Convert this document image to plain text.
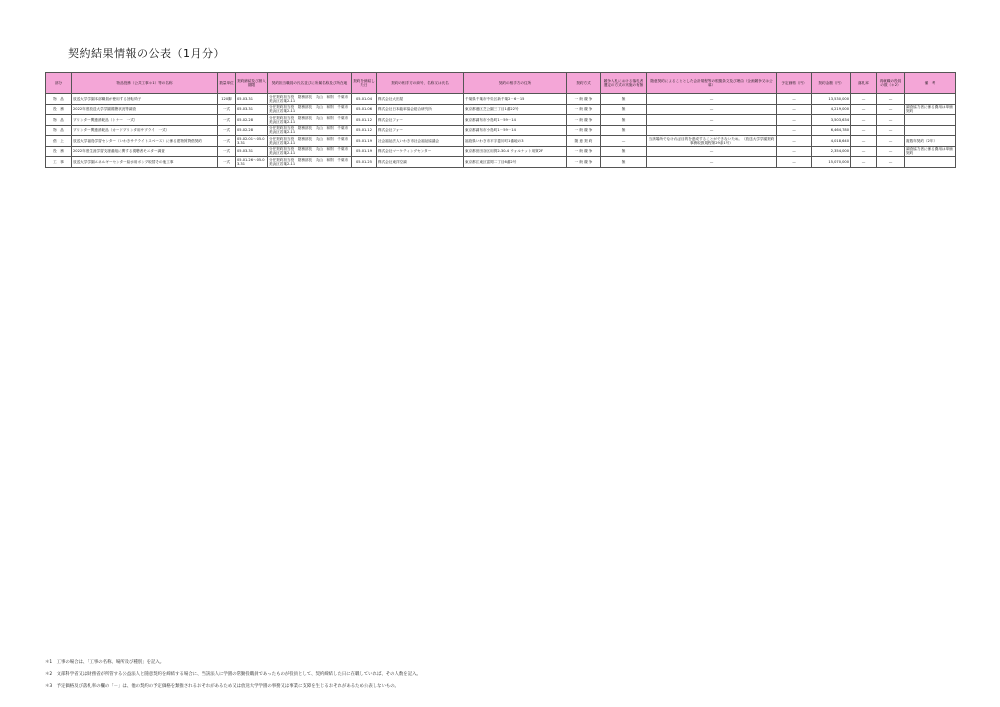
契約結果情報の公表（1月分）
部分	物品役務（公共工事＊1）等の名称	数量単位	契約締結及び納入期限	契約担当職員の氏名並びに所属名称及び所在地	契約を締結した日	契約の相手方の商号、名称又は氏名	契約の相手方の住所	契約方式	競争入札における落札者選定の方式の実施の有無	随意契約によることとした会計規程等の根拠条文及び理由（企画競争又は公募）	予定価格（円）	契約金額（円）	落札率	再就職の役員の数（＊2）	備　考
物　品	放送大学学園本部職員が使用する回転椅子	120脚	05.03.31	分任契約担当役　財務部長　丸山　和則　千葉市美浜区若葉2-11	05.01.04	株式会社大田屋	千葉県千葉市中央区新千葉2－6－15	一 般 競 争	無	—	—	13,530,000	—	—	
役　務	2022年度放送大学学園視聴状況等調査	一式	05.03.31	分任契約担当役　財務部長　丸山　和則　千葉市美浜区若葉2-11	05.01.06	株式会社日本能率協会総合研究所	東京都港区芝公園三丁目1番22号	一 般 競 争	無	—	—	4,219,000	—	—	調査協力者に係る費用は単価契約
物　品	プリンター関連消耗品（トナー　一式）	一式	05.02.28	分任契約担当役　財務部長　丸山　和則　千葉市美浜区若葉2-11	05.01.12	株式会社フォー	東京都調布市小島町1－59－14	一 般 競 争	無	—	—	3,503,634	—	—	
物　品	プリンター関連消耗品（カードプリンタ用サプライ　一式）	一式	05.02.28	分任契約担当役　財務部長　丸山　和則　千葉市美浜区若葉2-11	05.01.12	株式会社フォー	東京都調布市小島町1－59－14	一 般 競 争	無	—	—	6,464,780	—	—	
借　上	放送大学福島学習センター（いわきサテライトスペース）に係る建物賃貸借契約	一式	05.02.01～05.03.31	分任契約担当役　財務部長　丸山　和則　千葉市美浜区若葉2-11	05.01.19	社会福祉法人いわき市社会福祉協議会	福島県いわき市平字菱川町1番地の3	随 意 契 約	—	当該場所でなければ目的を達成することができないため。（放送大学学園契約事務取扱規程第29条1号）	—	4,018,640	—	—	複数年契約（2年）
役　務	2022年度生涯学習支援番組に関する視聴者モニター調査	一式	05.03.31	分任契約担当役　財務部長　丸山　和則　千葉市美浜区若葉2-11	05.01.19	株式会社マーケティングセンター	東京都世田谷区用賀2-30-4 ウォルナット用賀2F	一 般 競 争	無	—	—	2,354,000	—	—	調査協力者に係る費用は単価契約
工　事	放送大学学園エネルギーセンター給水用ポンプ取替その他工事	一式	05.01.26～05.03.31	分任契約担当役　財務部長　丸山　和則　千葉市美浜区若葉2-11	05.01.25	株式会社東洋空調	東京都江東区富岡二丁目6番2号	一 般 競 争	無	—	—	15,070,000	—	—	
＊1　工事の場合は、「工事の名称、場所及び種別」を記入。
＊2　文部科学省又は財務省が所管する公益法人と随意契約を締結する場合に、当該法人に学園の常勤役職員であったものが役員として、契約締結した日に在職していれば、その人数を記入。
＊3　予定価格及び落札率の欄の「－」は、他の契約の予定価格を類推されるおそれがあるため又は放送大学学園の事務又は事業に支障を生じるおそれがあるため公表しないもの。
